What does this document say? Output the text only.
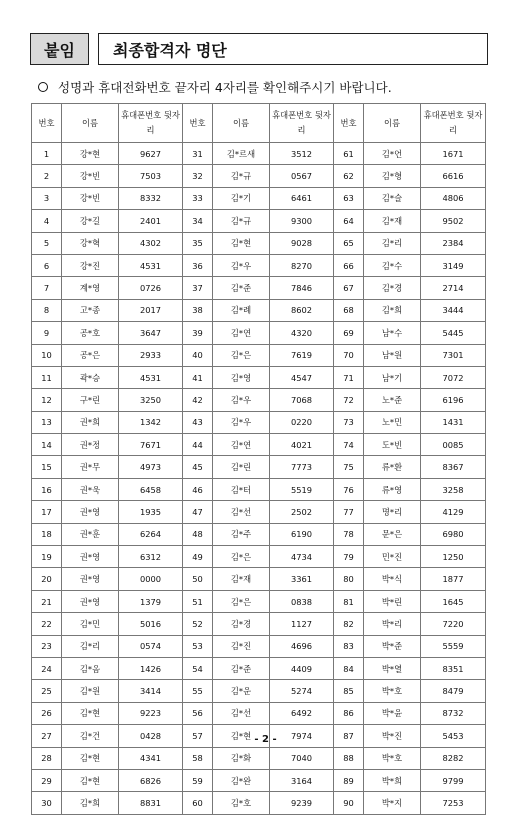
붙임	최종합격자 명단
성명과 휴대전화번호 끝자리 4자리를 확인해주시기 바랍니다.
번호	이름	휴대폰번호 뒷자리	번호	이름	휴대폰번호 뒷자리	번호	이름	휴대폰번호 뒷자리
1	강*현	9627	31	김*르새	3512	61	김*언	1671
2	강*빈	7503	32	김*규	0567	62	김*형	6616
3	강*빈	8332	33	김*기	6461	63	김*슬	4806
4	강*길	2401	34	김*규	9300	64	김*재	9502
5	강*혁	4302	35	김*현	9028	65	김*리	2384
6	강*진	4531	36	김*우	8270	66	김*수	3149
7	계*영	0726	37	김*준	7846	67	김*경	2714
8	고*종	2017	38	김*례	8602	68	김*희	3444
9	공*호	3647	39	김*연	4320	69	남*수	5445
10	공*은	2933	40	김*은	7619	70	남*원	7301
11	곽*승	4531	41	김*영	4547	71	남*기	7072
12	구*린	3250	42	김*우	7068	72	노*준	6196
13	권*희	1342	43	김*우	0220	73	노*민	1431
14	권*정	7671	44	김*연	4021	74	도*빈	0085
15	권*무	4973	45	김*린	7773	75	류*환	8367
16	권*욱	6458	46	김*터	5519	76	류*영	3258
17	권*영	1935	47	김*선	2502	77	명*리	4129
18	권*훈	6264	48	김*주	6190	78	문*은	6980
19	권*영	6312	49	김*은	4734	79	민*진	1250
20	권*영	0000	50	김*재	3361	80	박*식	1877
21	권*영	1379	51	김*은	0838	81	박*린	1645
22	김*민	5016	52	김*경	1127	82	박*리	7220
23	김*리	0574	53	김*진	4696	83	박*준	5559
24	김*옴	1426	54	김*준	4409	84	박*열	8351
25	김*원	3414	55	김*운	5274	85	박*호	8479
26	김*현	9223	56	김*선	6492	86	박*윤	8732
27	김*건	0428	57	김*현	7974	87	박*진	5453
28	김*현	4341	58	김*화	7040	88	박*호	8282
29	김*현	6826	59	김*완	3164	89	박*희	9799
30	김*희	8831	60	김*호	9239	90	박*지	7253
- 2 -
